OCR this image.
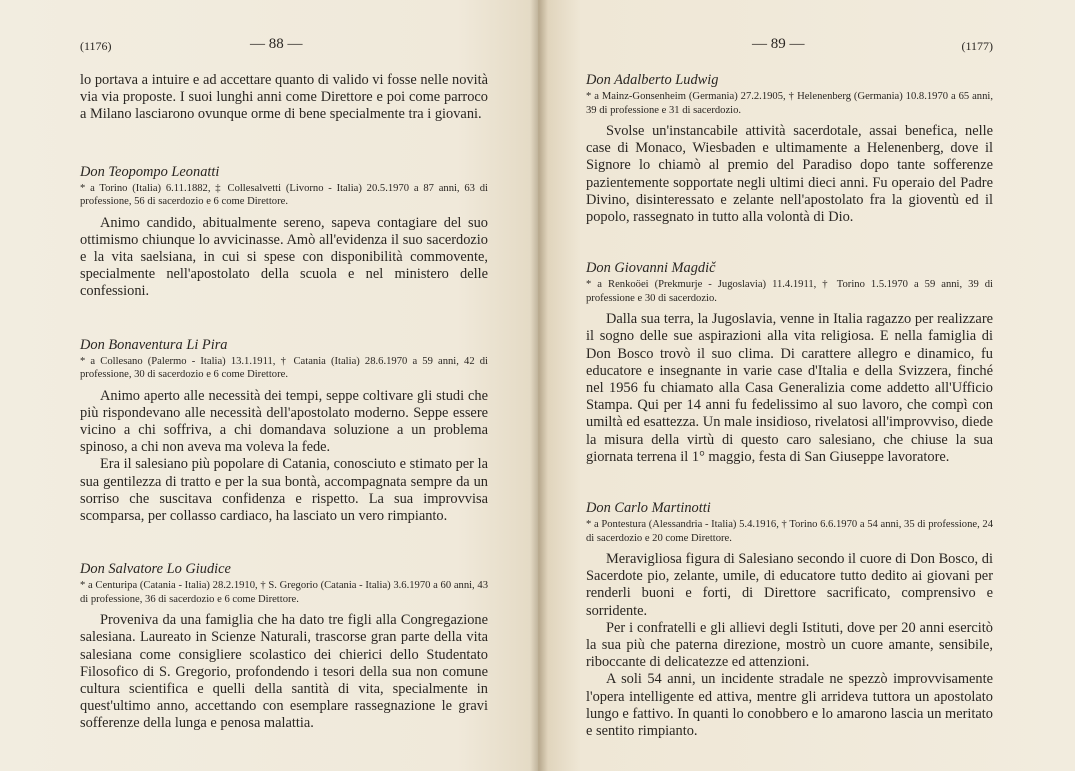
(1176)	— 88 —

lo portava a intuire e ad accettare quanto di valido vi fosse nelle novità via via proposte. I suoi lunghi anni come Direttore e poi come parroco a Milano lasciarono ovunque orme di bene specialmente tra i giovani.

Don Teopompo Leonatti
* a Torino (Italia) 6.11.1882, ‡ Collesalvetti (Livorno - Italia) 20.5.1970 a 87 anni, 63 di professione, 56 di sacerdozio e 6 come Direttore.

Animo candido, abitualmente sereno, sapeva contagiare del suo ottimismo chiunque lo avvicinasse. Amò all'evidenza il suo sacerdozio e la vita saelsiana, in cui si spese con disponibilità commovente, specialmente nell'apostolato della scuola e nel ministero delle confessioni.

Don Bonaventura Li Pira
* a Collesano (Palermo - Italia) 13.1.1911, † Catania (Italia) 28.6.1970 a 59 anni, 42 di professione, 30 di sacerdozio e 6 come Direttore.

Animo aperto alle necessità dei tempi, seppe coltivare gli studi che più rispondevano alle necessità dell'apostolato moderno. Seppe essere vicino a chi soffriva, a chi domandava soluzione a un problema spinoso, a chi non aveva ma voleva la fede.

Era il salesiano più popolare di Catania, conosciuto e stimato per la sua gentilezza di tratto e per la sua bontà, accompagnata sempre da un sorriso che suscitava confidenza e rispetto. La sua improvvisa scomparsa, per collasso cardiaco, ha lasciato un vero rimpianto.

Don Salvatore Lo Giudice
* a Centuripa (Catania - Italia) 28.2.1910, † S. Gregorio (Catania - Italia) 3.6.1970 a 60 anni, 43 di professione, 36 di sacerdozio e 6 come Direttore.

Proveniva da una famiglia che ha dato tre figli alla Congregazione salesiana. Laureato in Scienze Naturali, trascorse gran parte della vita salesiana come consigliere scolastico dei chierici dello Studentato Filosofico di S. Gregorio, profondendo i tesori della sua non comune cultura scientifica e quelli della santità di vita, specialmente in quest'ultimo anno, accettando con esemplare rassegnazione le gravi sofferenze della lunga e penosa malattia.

— 89 —	(1177)
Don Adalberto Ludwig
* a Mainz-Gonsenheim (Germania) 27.2.1905, † Helenenberg (Germania) 10.8.1970 a 65 anni, 39 di professione e 31 di sacerdozio.

Svolse un'instancabile attività sacerdotale, assai benefica, nelle case di Monaco, Wiesbaden e ultimamente a Helenenberg, dove il Signore lo chiamò al premio del Paradiso dopo tante sofferenze pazientemente sopportate negli ultimi dieci anni. Fu operaio del Padre Divino, disinteressato e zelante nell'apostolato fra la gioventù ed il popolo, rassegnato in tutto alla volontà di Dio.

Don Giovanni Magdič
* a Renkoöei (Prekmurje - Jugoslavia) 11.4.1911, † Torino 1.5.1970 a 59 anni, 39 di professione e 30 di sacerdozio.

Dalla sua terra, la Jugoslavia, venne in Italia ragazzo per realizzare il sogno delle sue aspirazioni alla vita religiosa. E nella famiglia di Don Bosco trovò il suo clima. Di carattere allegro e dinamico, fu educatore e insegnante in varie case d'Italia e della Svizzera, finché nel 1956 fu chiamato alla Casa Generalizia come addetto all'Ufficio Stampa. Qui per 14 anni fu fedelissimo al suo lavoro, che compì con umiltà ed esattezza. Un male insidioso, rivelatosi all'improvviso, diede la misura della virtù di questo caro salesiano, che chiuse la sua giornata terrena il 1° maggio, festa di San Giuseppe lavoratore.

Don Carlo Martinotti
* a Pontestura (Alessandria - Italia) 5.4.1916, † Torino 6.6.1970 a 54 anni, 35 di professione, 24 di sacerdozio e 20 come Direttore.

Meravigliosa figura di Salesiano secondo il cuore di Don Bosco, di Sacerdote pio, zelante, umile, di educatore tutto dedito ai giovani per renderli buoni e forti, di Direttore sacrificato, comprensivo e sorridente.

Per i confratelli e gli allievi degli Istituti, dove per 20 anni esercitò la sua più che paterna direzione, mostrò un cuore amante, sensibile, riboccante di delicatezze ed attenzioni.

A soli 54 anni, un incidente stradale ne spezzò improvvisamente l'opera intelligente ed attiva, mentre gli arrideva tuttora un apostolato lungo e fattivo. In quanti lo conobbero e lo amarono lascia un meritato e sentito rimpianto.
